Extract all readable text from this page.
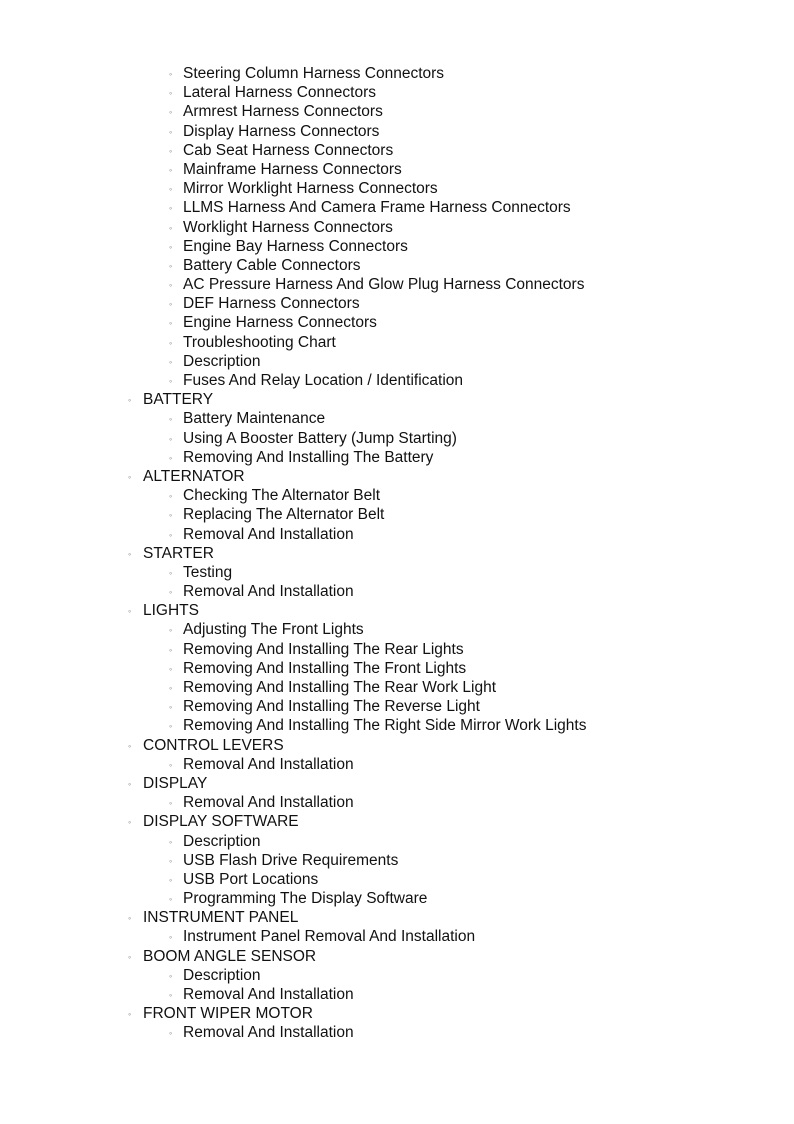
◦ Steering Column Harness Connectors
◦ Lateral Harness Connectors
◦ Armrest Harness Connectors
◦ Display Harness Connectors
◦ Cab Seat Harness Connectors
◦ Mainframe Harness Connectors
◦ Mirror Worklight Harness Connectors
◦ LLMS Harness And Camera Frame Harness Connectors
◦ Worklight Harness Connectors
◦ Engine Bay Harness Connectors
◦ Battery Cable Connectors
◦ AC Pressure Harness And Glow Plug Harness Connectors
◦ DEF Harness Connectors
◦ Engine Harness Connectors
◦ Troubleshooting Chart
◦ Description
◦ Fuses And Relay Location / Identification
◦ BATTERY
◦ Battery Maintenance
◦ Using A Booster Battery (Jump Starting)
◦ Removing And Installing The Battery
◦ ALTERNATOR
◦ Checking The Alternator Belt
◦ Replacing The Alternator Belt
◦ Removal And Installation
◦ STARTER
◦ Testing
◦ Removal And Installation
◦ LIGHTS
◦ Adjusting The Front Lights
◦ Removing And Installing The Rear Lights
◦ Removing And Installing The Front Lights
◦ Removing And Installing The Rear Work Light
◦ Removing And Installing The Reverse Light
◦ Removing And Installing The Right Side Mirror Work Lights
◦ CONTROL LEVERS
◦ Removal And Installation
◦ DISPLAY
◦ Removal And Installation
◦ DISPLAY SOFTWARE
◦ Description
◦ USB Flash Drive Requirements
◦ USB Port Locations
◦ Programming The Display Software
◦ INSTRUMENT PANEL
◦ Instrument Panel Removal And Installation
◦ BOOM ANGLE SENSOR
◦ Description
◦ Removal And Installation
◦ FRONT WIPER MOTOR
◦ Removal And Installation
